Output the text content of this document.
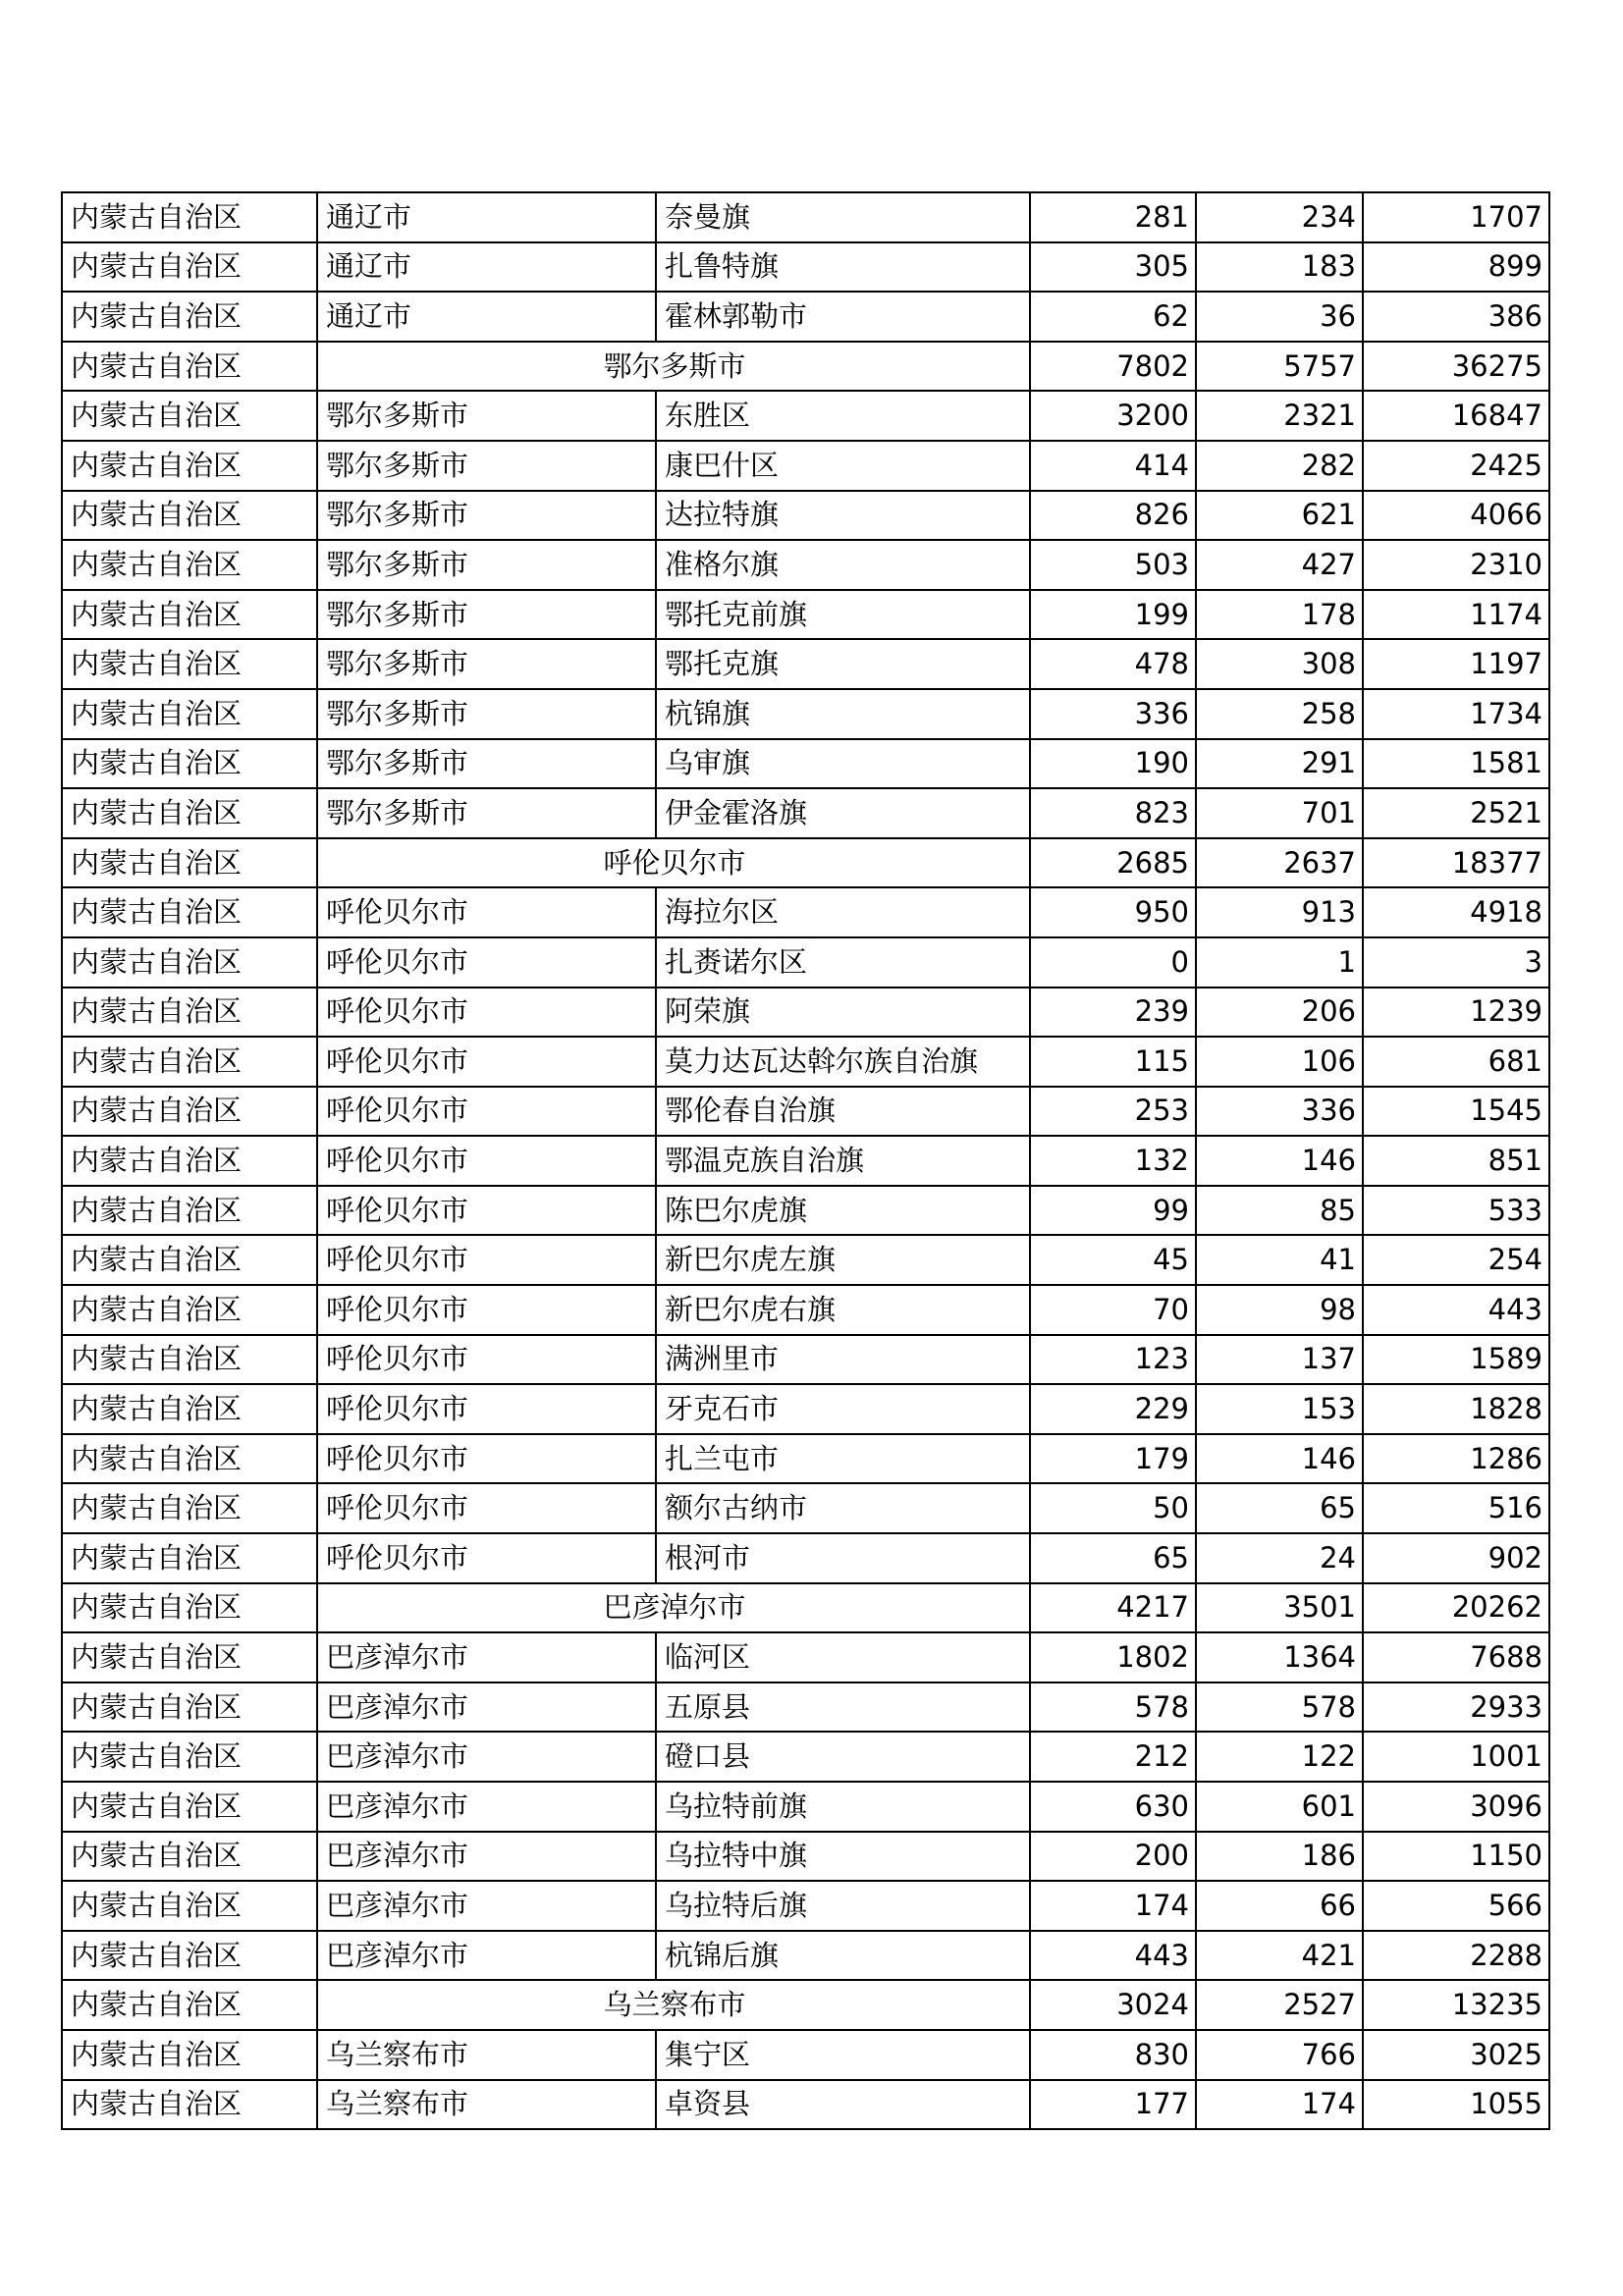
内蒙古自治区	通辽市	奈曼旗	281	234	1707
内蒙古自治区	通辽市	扎鲁特旗	305	183	899
内蒙古自治区	通辽市	霍林郭勒市	62	36	386
内蒙古自治区	鄂尔多斯市		7802	5757	36275
内蒙古自治区	鄂尔多斯市	东胜区	3200	2321	16847
内蒙古自治区	鄂尔多斯市	康巴什区	414	282	2425
内蒙古自治区	鄂尔多斯市	达拉特旗	826	621	4066
内蒙古自治区	鄂尔多斯市	准格尔旗	503	427	2310
内蒙古自治区	鄂尔多斯市	鄂托克前旗	199	178	1174
内蒙古自治区	鄂尔多斯市	鄂托克旗	478	308	1197
内蒙古自治区	鄂尔多斯市	杭锦旗	336	258	1734
内蒙古自治区	鄂尔多斯市	乌审旗	190	291	1581
内蒙古自治区	鄂尔多斯市	伊金霍洛旗	823	701	2521
内蒙古自治区	呼伦贝尔市		2685	2637	18377
内蒙古自治区	呼伦贝尔市	海拉尔区	950	913	4918
内蒙古自治区	呼伦贝尔市	扎赉诺尔区	0	1	3
内蒙古自治区	呼伦贝尔市	阿荣旗	239	206	1239
内蒙古自治区	呼伦贝尔市	莫力达瓦达斡尔族自治旗	115	106	681
内蒙古自治区	呼伦贝尔市	鄂伦春自治旗	253	336	1545
内蒙古自治区	呼伦贝尔市	鄂温克族自治旗	132	146	851
内蒙古自治区	呼伦贝尔市	陈巴尔虎旗	99	85	533
内蒙古自治区	呼伦贝尔市	新巴尔虎左旗	45	41	254
内蒙古自治区	呼伦贝尔市	新巴尔虎右旗	70	98	443
内蒙古自治区	呼伦贝尔市	满洲里市	123	137	1589
内蒙古自治区	呼伦贝尔市	牙克石市	229	153	1828
内蒙古自治区	呼伦贝尔市	扎兰屯市	179	146	1286
内蒙古自治区	呼伦贝尔市	额尔古纳市	50	65	516
内蒙古自治区	呼伦贝尔市	根河市	65	24	902
内蒙古自治区	巴彦淖尔市		4217	3501	20262
内蒙古自治区	巴彦淖尔市	临河区	1802	1364	7688
内蒙古自治区	巴彦淖尔市	五原县	578	578	2933
内蒙古自治区	巴彦淖尔市	磴口县	212	122	1001
内蒙古自治区	巴彦淖尔市	乌拉特前旗	630	601	3096
内蒙古自治区	巴彦淖尔市	乌拉特中旗	200	186	1150
内蒙古自治区	巴彦淖尔市	乌拉特后旗	174	66	566
内蒙古自治区	巴彦淖尔市	杭锦后旗	443	421	2288
内蒙古自治区	乌兰察布市		3024	2527	13235
内蒙古自治区	乌兰察布市	集宁区	830	766	3025
内蒙古自治区	乌兰察布市	卓资县	177	174	1055
